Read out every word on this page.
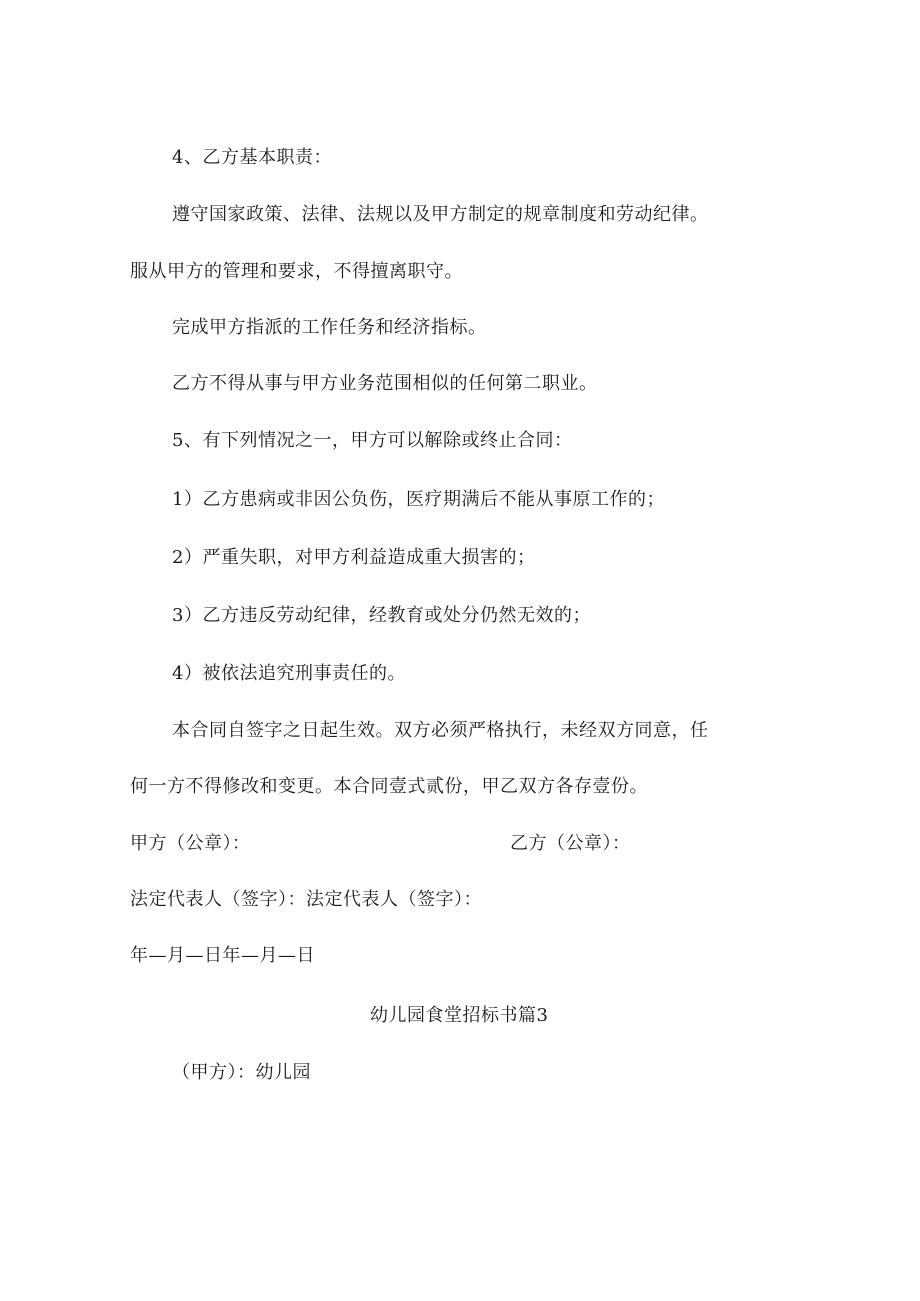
4、乙方基本职责：
遵守国家政策、法律、法规以及甲方制定的规章制度和劳动纪律。
服从甲方的管理和要求，不得擅离职守。
完成甲方指派的工作任务和经济指标。
乙方不得从事与甲方业务范围相似的任何第二职业。
5、有下列情况之一，甲方可以解除或终止合同：
1）乙方患病或非因公负伤，医疗期满后不能从事原工作的；
2）严重失职，对甲方利益造成重大损害的；
3）乙方违反劳动纪律，经教育或处分仍然无效的；
4）被依法追究刑事责任的。
本合同自签字之日起生效。双方必须严格执行，未经双方同意，任
何一方不得修改和变更。本合同壹式贰份，甲乙双方各存壹份。
甲方（公章）：	乙方（公章）：
法定代表人（签字）：法定代表人（签字）：
年—月—日年—月—日
幼儿园食堂招标书篇3
（甲方）：幼儿园
